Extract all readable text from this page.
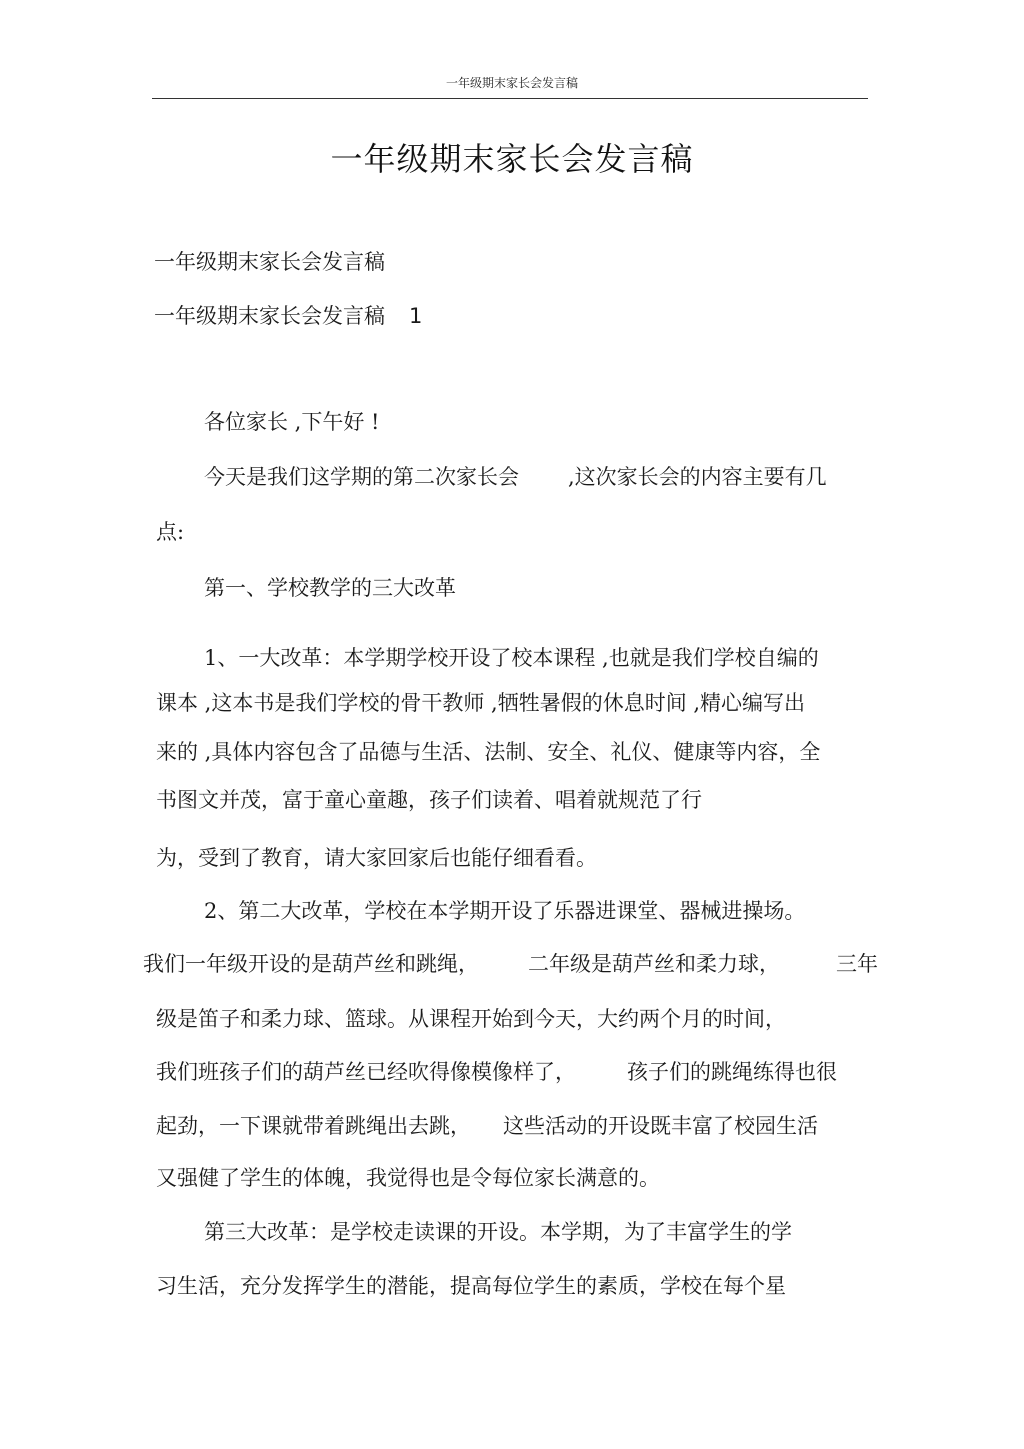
一年级期末家长会发言稿
一年级期末家长会发言稿
一年级期末家长会发言稿
一年级期末家长会发言稿 1
各位家长 ,下午好 !
今天是我们这学期的第二次家长会 ,这次家长会的内容主要有几
点:
第一、学校教学的三大改革
1、一大改革：本学期学校开设了校本课程 ,也就是我们学校自编的
课本 ,这本书是我们学校的骨干教师 ,牺牲暑假的休息时间 ,精心编写出
来的 ,具体内容包含了品德与生活、法制、安全、礼仪、健康等内容，全
书图文并茂，富于童心童趣，孩子们读着、唱着就规范了行
为，受到了教育，请大家回家后也能仔细看看。
2、第二大改革，学校在本学期开设了乐器进课堂、器械进操场。
我们一年级开设的是葫芦丝和跳绳， 二年级是葫芦丝和柔力球，	三年
级是笛子和柔力球、篮球。从课程开始到今天，大约两个月的时间，
我们班孩子们的葫芦丝已经吹得像模像样了， 孩子们的跳绳练得也很
起劲，一下课就带着跳绳出去跳， 这些活动的开设既丰富了校园生活
又强健了学生的体魄，我觉得也是令每位家长满意的。
第三大改革：是学校走读课的开设。本学期，为了丰富学生的学
习生活，充分发挥学生的潜能，提高每位学生的素质，学校在每个星
